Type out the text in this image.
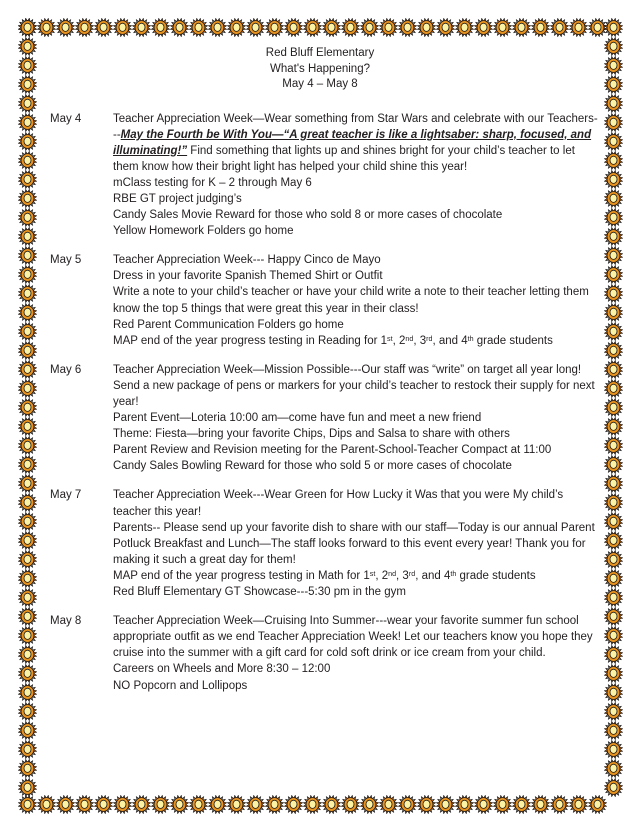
Red Bluff Elementary
What's Happening?
May 4 – May 8
May 4	Teacher Appreciation Week—Wear something from Star Wars and celebrate with our Teachers---May the Fourth be With You—“A great teacher is like a lightsaber: sharp, focused, and illuminating!” Find something that lights up and shines bright for your child’s teacher to let them know how their bright light has helped your child shine this year!
mClass testing for K – 2 through May 6
RBE GT project judging’s
Candy Sales Movie Reward for those who sold 8 or more cases of chocolate
Yellow Homework Folders go home
May 5	Teacher Appreciation Week--- Happy Cinco de Mayo
Dress in your favorite Spanish Themed Shirt or Outfit
Write a note to your child’s teacher or have your child write a note to their teacher letting them know the top 5 things that were great this year in their class!
Red Parent Communication Folders go home
MAP end of the year progress testing in Reading for 1st, 2nd, 3rd, and 4th grade students
May 6	Teacher Appreciation Week—Mission Possible---Our staff was “write” on target all year long! Send a new package of pens or markers for your child’s teacher to restock their supply for next year!
Parent Event—Loteria 10:00 am—come have fun and meet a new friend
Theme: Fiesta—bring your favorite Chips, Dips and Salsa to share with others
Parent Review and Revision meeting for the Parent-School-Teacher Compact at 11:00
Candy Sales Bowling Reward for those who sold 5 or more cases of chocolate
May 7	Teacher Appreciation Week---Wear Green for How Lucky it Was that you were My child’s teacher this year!
Parents-- Please send up your favorite dish to share with our staff—Today is our annual Parent Potluck Breakfast and Lunch—The staff looks forward to this event every year! Thank you for making it such a great day for them!
MAP end of the year progress testing in Math for 1st, 2nd, 3rd, and 4th grade students
Red Bluff Elementary GT Showcase---5:30 pm in the gym
May 8	Teacher Appreciation Week—Cruising Into Summer---wear your favorite summer fun school appropriate outfit as we end Teacher Appreciation Week! Let our teachers know you hope they cruise into the summer with a gift card for cold soft drink or ice cream from your child.
Careers on Wheels and More 8:30 – 12:00
NO Popcorn and Lollipops
